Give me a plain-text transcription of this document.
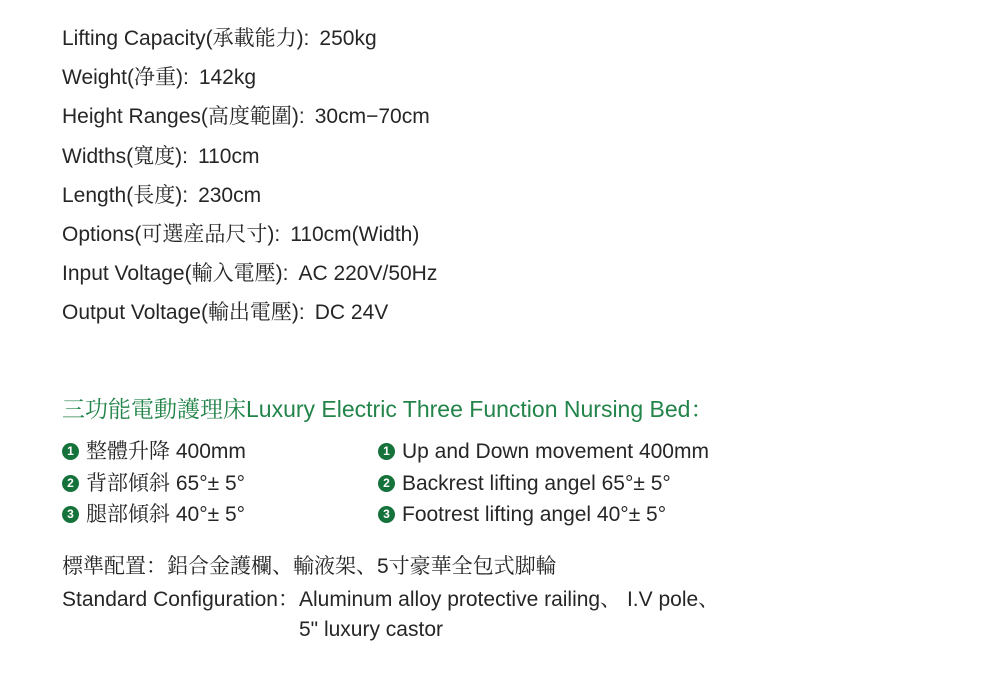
Lifting Capacity(承載能力): 250kg
Weight(净重): 142kg
Height Ranges(高度範圍): 30cm−70cm
Widths(寬度): 110cm
Length(長度): 230cm
Options(可選産品尺寸): 110cm(Width)
Input Voltage(輸入電壓): AC 220V/50Hz
Output Voltage(輸出電壓): DC 24V
三功能電動護理床Luxury Electric Three Function Nursing Bed：
1 整體升降 400mm
2 背部傾斜 65°± 5°
3 腿部傾斜 40°± 5°
1 Up and Down movement 400mm
2 Backrest lifting angel 65°± 5°
3 Footrest lifting angel 40°± 5°
標準配置：鋁合金護欄、輸液架、5寸豪華全包式脚輪
Standard Configuration： Aluminum alloy protective railing、 I.V pole、
5" luxury castor
